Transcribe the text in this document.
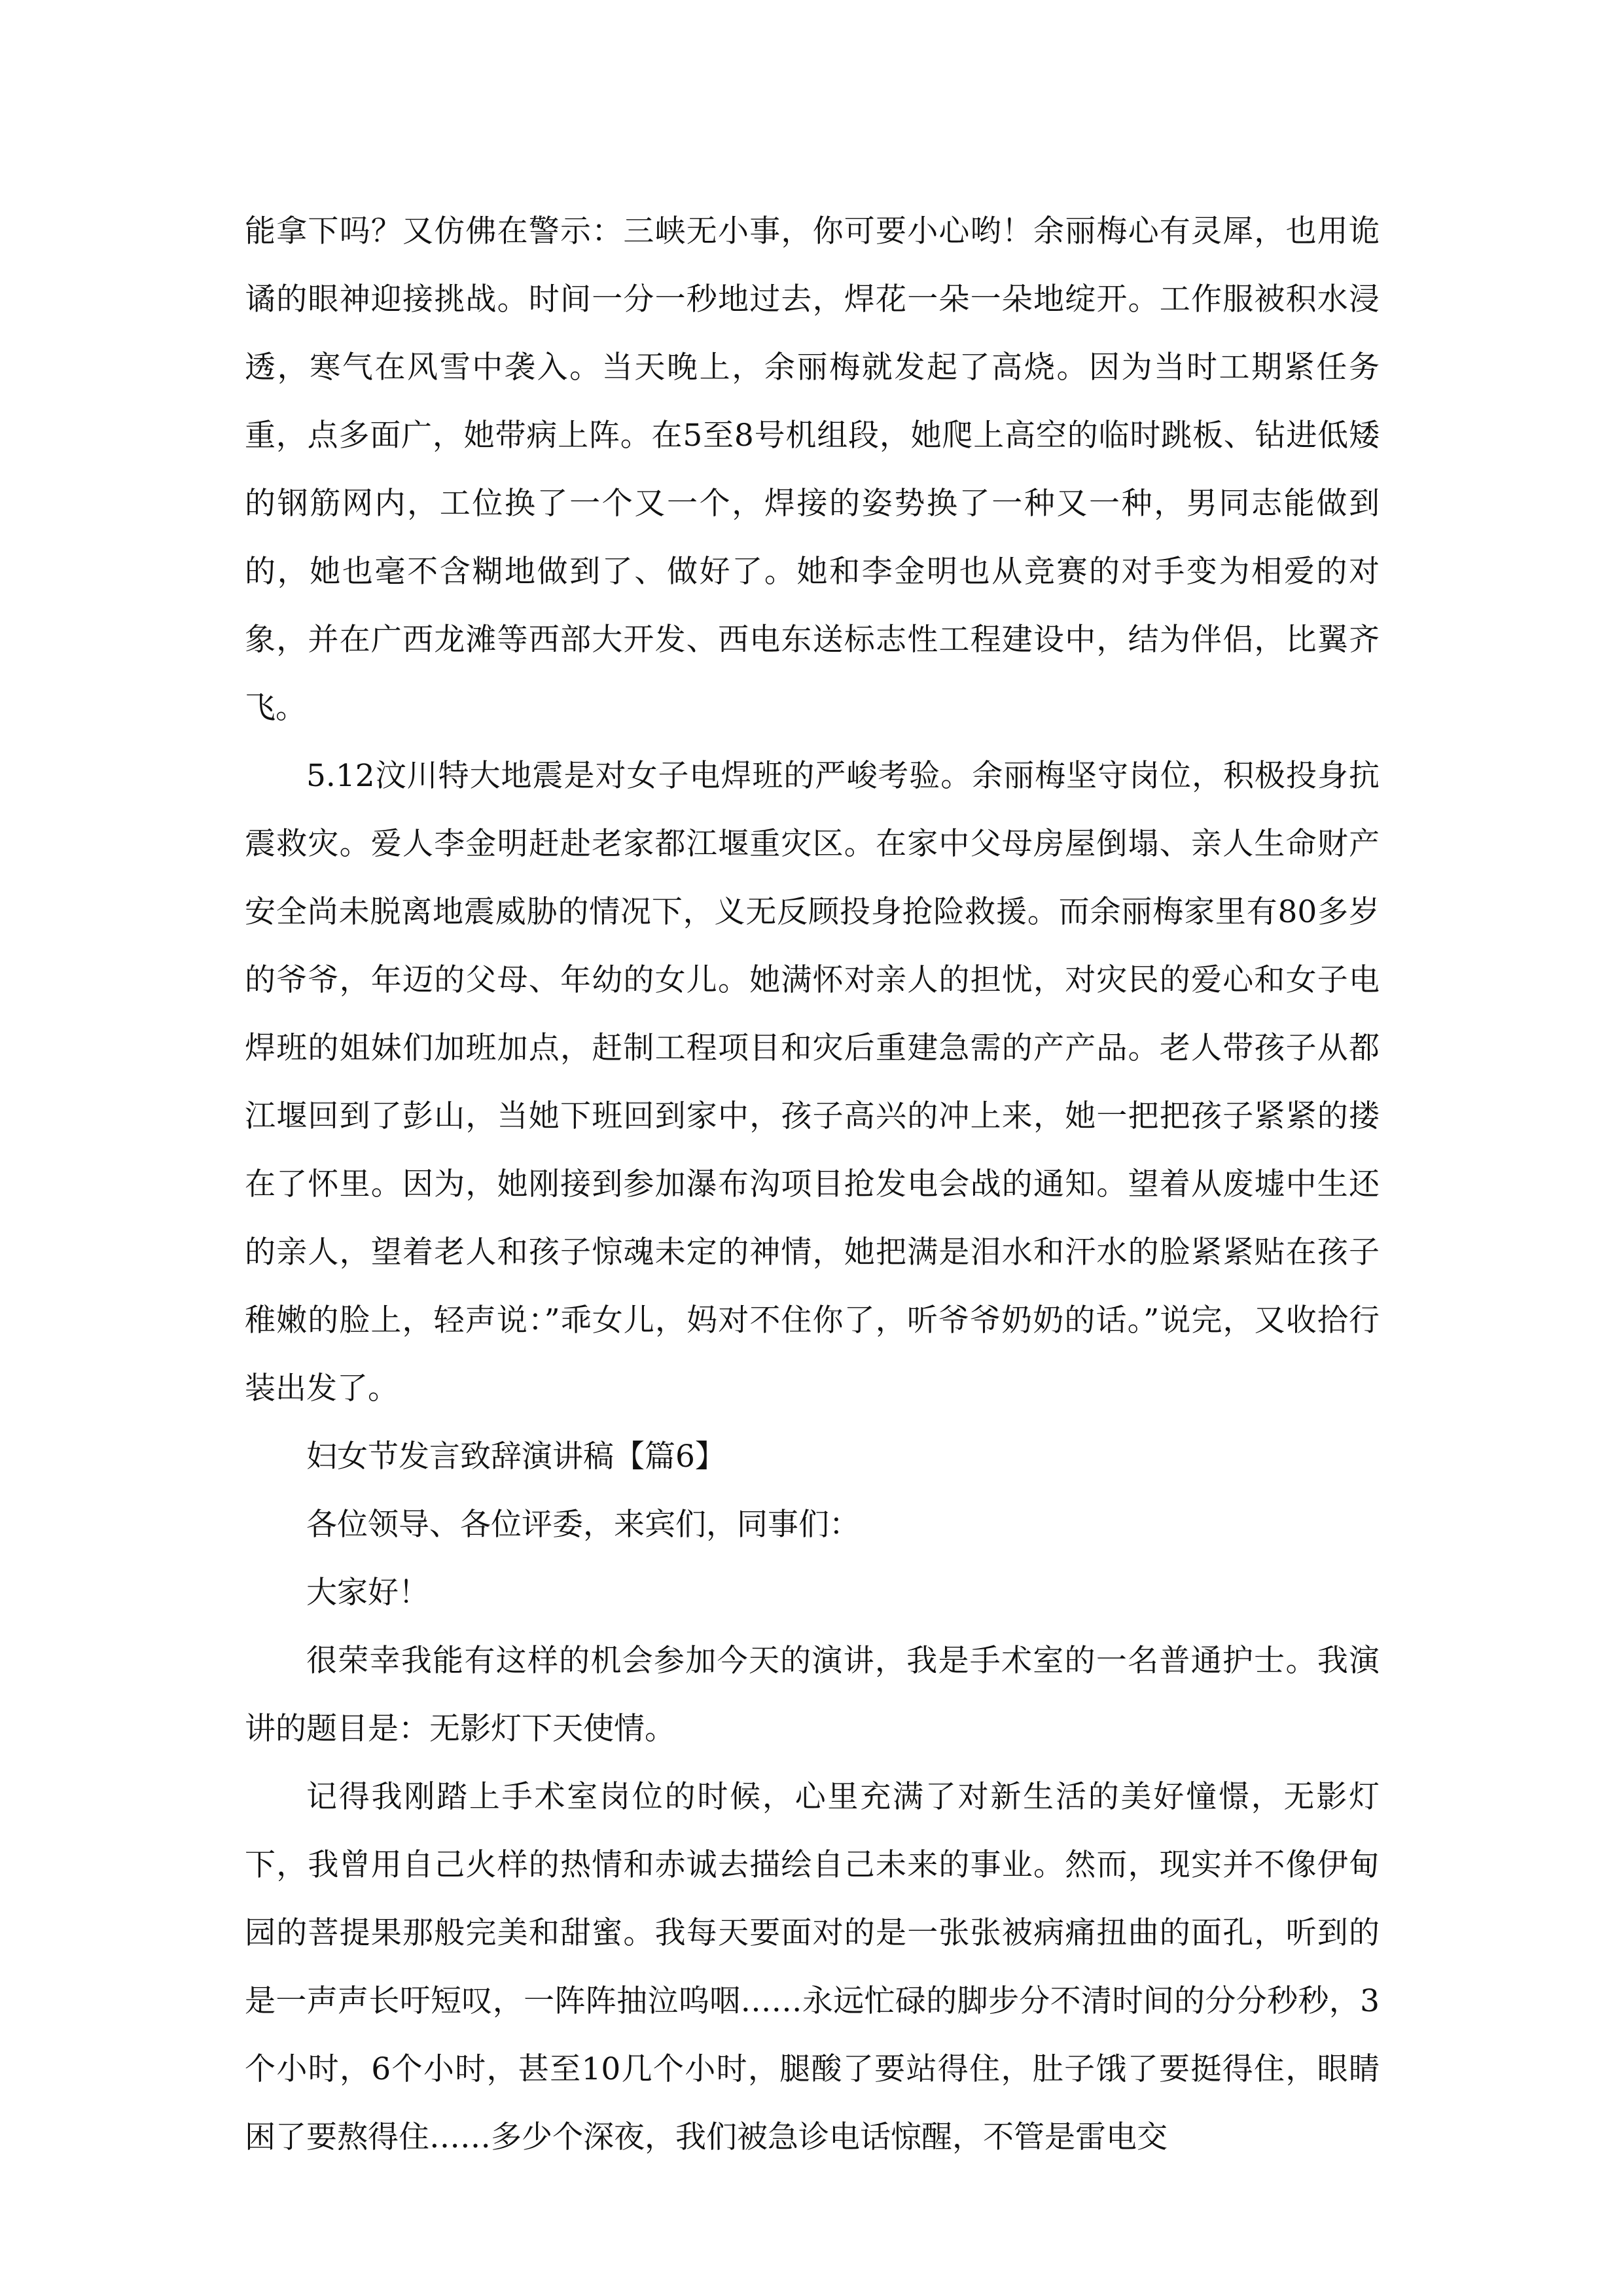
能拿下吗？又仿佛在警示：三峡无小事，你可要小心哟！余丽梅心有灵犀，也用诡谲的眼神迎接挑战。时间一分一秒地过去，焊花一朵一朵地绽开。工作服被积水浸透，寒气在风雪中袭入。当天晚上，余丽梅就发起了高烧。因为当时工期紧任务重，点多面广，她带病上阵。在5至8号机组段，她爬上高空的临时跳板、钻进低矮的钢筋网内，工位换了一个又一个，焊接的姿势换了一种又一种，男同志能做到的，她也毫不含糊地做到了、做好了。她和李金明也从竞赛的对手变为相爱的对象，并在广西龙滩等西部大开发、西电东送标志性工程建设中，结为伴侣，比翼齐飞。

5.12汶川特大地震是对女子电焊班的严峻考验。余丽梅坚守岗位，积极投身抗震救灾。爱人李金明赶赴老家都江堰重灾区。在家中父母房屋倒塌、亲人生命财产安全尚未脱离地震威胁的情况下，义无反顾投身抢险救援。而余丽梅家里有80多岁的爷爷，年迈的父母、年幼的女儿。她满怀对亲人的担忧，对灾民的爱心和女子电焊班的姐妹们加班加点，赶制工程项目和灾后重建急需的产产品。老人带孩子从都江堰回到了彭山，当她下班回到家中，孩子高兴的冲上来，她一把把孩子紧紧的搂在了怀里。因为，她刚接到参加瀑布沟项目抢发电会战的通知。望着从废墟中生还的亲人，望着老人和孩子惊魂未定的神情，她把满是泪水和汗水的脸紧紧贴在孩子稚嫩的脸上，轻声说：”乖女儿，妈对不住你了，听爷爷奶奶的话。”说完，又收拾行装出发了。

妇女节发言致辞演讲稿【篇6】

各位领导、各位评委，来宾们，同事们：

大家好！

很荣幸我能有这样的机会参加今天的演讲，我是手术室的一名普通护士。我演讲的题目是：无影灯下天使情。

记得我刚踏上手术室岗位的时候，心里充满了对新生活的美好憧憬，无影灯下，我曾用自己火样的热情和赤诚去描绘自己未来的事业。然而，现实并不像伊甸园的菩提果那般完美和甜蜜。我每天要面对的是一张张被病痛扭曲的面孔，听到的是一声声长吁短叹，一阵阵抽泣呜咽……永远忙碌的脚步分不清时间的分分秒秒，3个小时，6个小时，甚至10几个小时，腿酸了要站得住，肚子饿了要挺得住，眼睛困了要熬得住……多少个深夜，我们被急诊电话惊醒，不管是雷电交
